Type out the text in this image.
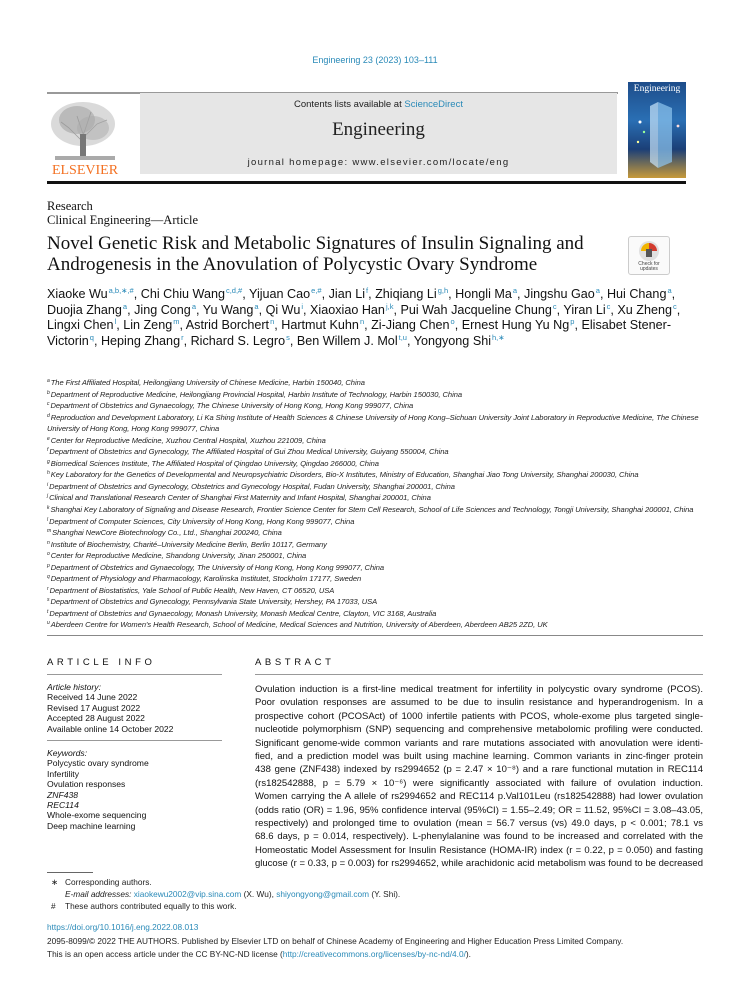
Engineering 23 (2023) 103–111
ELSEVIER
Contents lists available at ScienceDirect
Engineering
journal homepage: www.elsevier.com/locate/eng
Engineering
Research
Clinical Engineering—Article
Novel Genetic Risk and Metabolic Signatures of Insulin Signaling and
Androgenesis in the Anovulation of Polycystic Ovary Syndrome	Check for updates
Xiaoke $Wu^{a,b,∗,\#}$, Chi Chiu Wang$^{c,d,\#}$, Yijuan Cao$^{e,\#}$, Jian Li$^f$, Zhiqiang Li$^{g,h}$, Hongli Ma$^a$, Jingshu Gao$^a$, Hui Chang$^a$, Duojia Zhang$^a$, Jing Cong$^a$, Yu Wang$^a$, Qi Wu$^i$, Xiaoxiao Han$^{j,k}$, Pui Wah Jacqueline Chung$^c$, Yiran Li$^c$, Xu Zheng$^c$, Lingxi Chen$^l$, Lin Zeng$^m$, Astrid Borchert$^n$, Hartmut Kuhn$^n$, Zi-Jiang Chen$^o$, Ernest Hung Yu Ng$^p$, Elisabet Stener-Victorin$^q$, Heping Zhang$^r$, Richard S. Legro$^s$, Ben Willem J. Mol$^{t,u}$, Yongyong Shi$^{h,∗}$
$^a$The First Affiliated Hospital, Heilongjiang University of Chinese Medicine, Harbin 150040, China
$^b$Department of Reproductive Medicine, Heilongjiang Provincial Hospital, Harbin Institute of Technology, Harbin 150030, China
$^c$Department of Obstetrics and Gynaecology, The Chinese University of Hong Kong, Hong Kong 999077, China
$^d$Reproduction and Development Laboratory, Li Ka Shing Institute of Health Sciences & Chinese University of Hong Kong–Sichuan University Joint Laboratory in Reproductive Medicine, The Chinese University of Hong Kong, Hong Kong 999077, China
$^e$Center for Reproductive Medicine, Xuzhou Central Hospital, Xuzhou 221009, China
$^f$Department of Obstetrics and Gynecology, The Affiliated Hospital of Gui Zhou Medical University, Guiyang 550004, China
$^g$Biomedical Sciences Institute, The Affiliated Hospital of Qingdao University, Qingdao 266000, China
$^h$Key Laboratory for the Genetics of Developmental and Neuropsychiatric Disorders, Bio-X Institutes, Ministry of Education, Shanghai Jiao Tong University, Shanghai 200030, China
$^i$Department of Obstetrics and Gynecology, Obstetrics and Gynecology Hospital, Fudan University, Shanghai 200001, China
$^j$Clinical and Translational Research Center of Shanghai First Maternity and Infant Hospital, Shanghai 200001, China
$^k$Shanghai Key Laboratory of Signaling and Disease Research, Frontier Science Center for Stem Cell Research, School of Life Sciences and Technology, Tongji University, Shanghai 200001, China
$^l$Department of Computer Sciences, City University of Hong Kong, Hong Kong 999077, China
$^m$Shanghai NewCore Biotechnology Co., Ltd., Shanghai 200240, China
$^n$Institute of Biochemistry, Charité–University Medicine Berlin, Berlin 10117, Germany
$^o$Center for Reproductive Medicine, Shandong University, Jinan 250001, China
$^p$Department of Obstetrics and Gynaecology, The University of Hong Kong, Hong Kong 999077, China
$^q$Department of Physiology and Pharmacology, Karolinska Institutet, Stockholm 17177, Sweden
$^r$Department of Biostatistics, Yale School of Public Health, New Haven, CT 06520, USA
$^s$Department of Obstetrics and Gynecology, Pennsylvania State University, Hershey, PA 17033, USA
$^t$Department of Obstetrics and Gynaecology, Monash University, Monash Medical Centre, Clayton, VIC 3168, Australia
$^u$Aberdeen Centre for Women's Health Research, School of Medicine, Medical Sciences and Nutrition, University of Aberdeen, Aberdeen AB25 2ZD, UK
ARTICLE INFO	ABSTRACT
Article history:
Received 14 June 2022
Revised 17 August 2022
Accepted 28 August 2022
Available online 14 October 2022
Keywords:
Polycystic ovary syndrome
Infertility
Ovulation responses
ZNF438
REC114
Whole-exome sequencing
Deep machine learning
Ovulation induction is a first-line medical treatment for infertility in polycystic ovary syndrome (PCOS).
Poor ovulation responses are assumed to be due to insulin resistance and hyperandrogenism. In a
prospective cohort (PCOSAct) of 1000 infertile patients with PCOS, whole-exome plus targeted single-
nucleotide polymorphism (SNP) sequencing and comprehensive metabolomic profiling were conducted.
Significant genome-wide common variants and rare mutations associated with anovulation were identi-
fied, and a prediction model was built using machine learning. Common variants in zinc-finger protein
438 gene (ZNF438) indexed by rs2994652 (p = 2.47 × 10⁻⁸) and a rare functional mutation in REC114
(rs182542888, p = 5.79 × 10⁻⁶) were significantly associated with failure of ovulation induction.
Women carrying the A allele of rs2994652 and REC114 p.Val101Leu (rs182542888) had lower ovulation
(odds ratio (OR) = 1.96, 95% confidence interval (95%CI) = 1.55–2.49; OR = 11.52, 95%CI = 3.08–43.05,
respectively) and prolonged time to ovulation (mean = 56.7 versus (vs) 49.0 days, p < 0.001; 78.1 vs
68.6 days, p = 0.014, respectively). L-phenylalanine was found to be increased and correlated with the
Homeostatic Model Assessment for Insulin Resistance (HOMA-IR) index (r = 0.22, p = 0.050) and fasting
glucose (r = 0.33, p = 0.003) for rs2994652, while arachidonic acid metabolism was found to be decreased
∗ Corresponding authors.
E-mail addresses: xiaokewu2002@vip.sina.com (X. Wu), shiyongyong@gmail.com (Y. Shi).
# These authors contributed equally to this work.
https://doi.org/10.1016/j.eng.2022.08.013
2095-8099/© 2022 THE AUTHORS. Published by Elsevier LTD on behalf of Chinese Academy of Engineering and Higher Education Press Limited Company.
This is an open access article under the CC BY-NC-ND license (http://creativecommons.org/licenses/by-nc-nd/4.0/).
